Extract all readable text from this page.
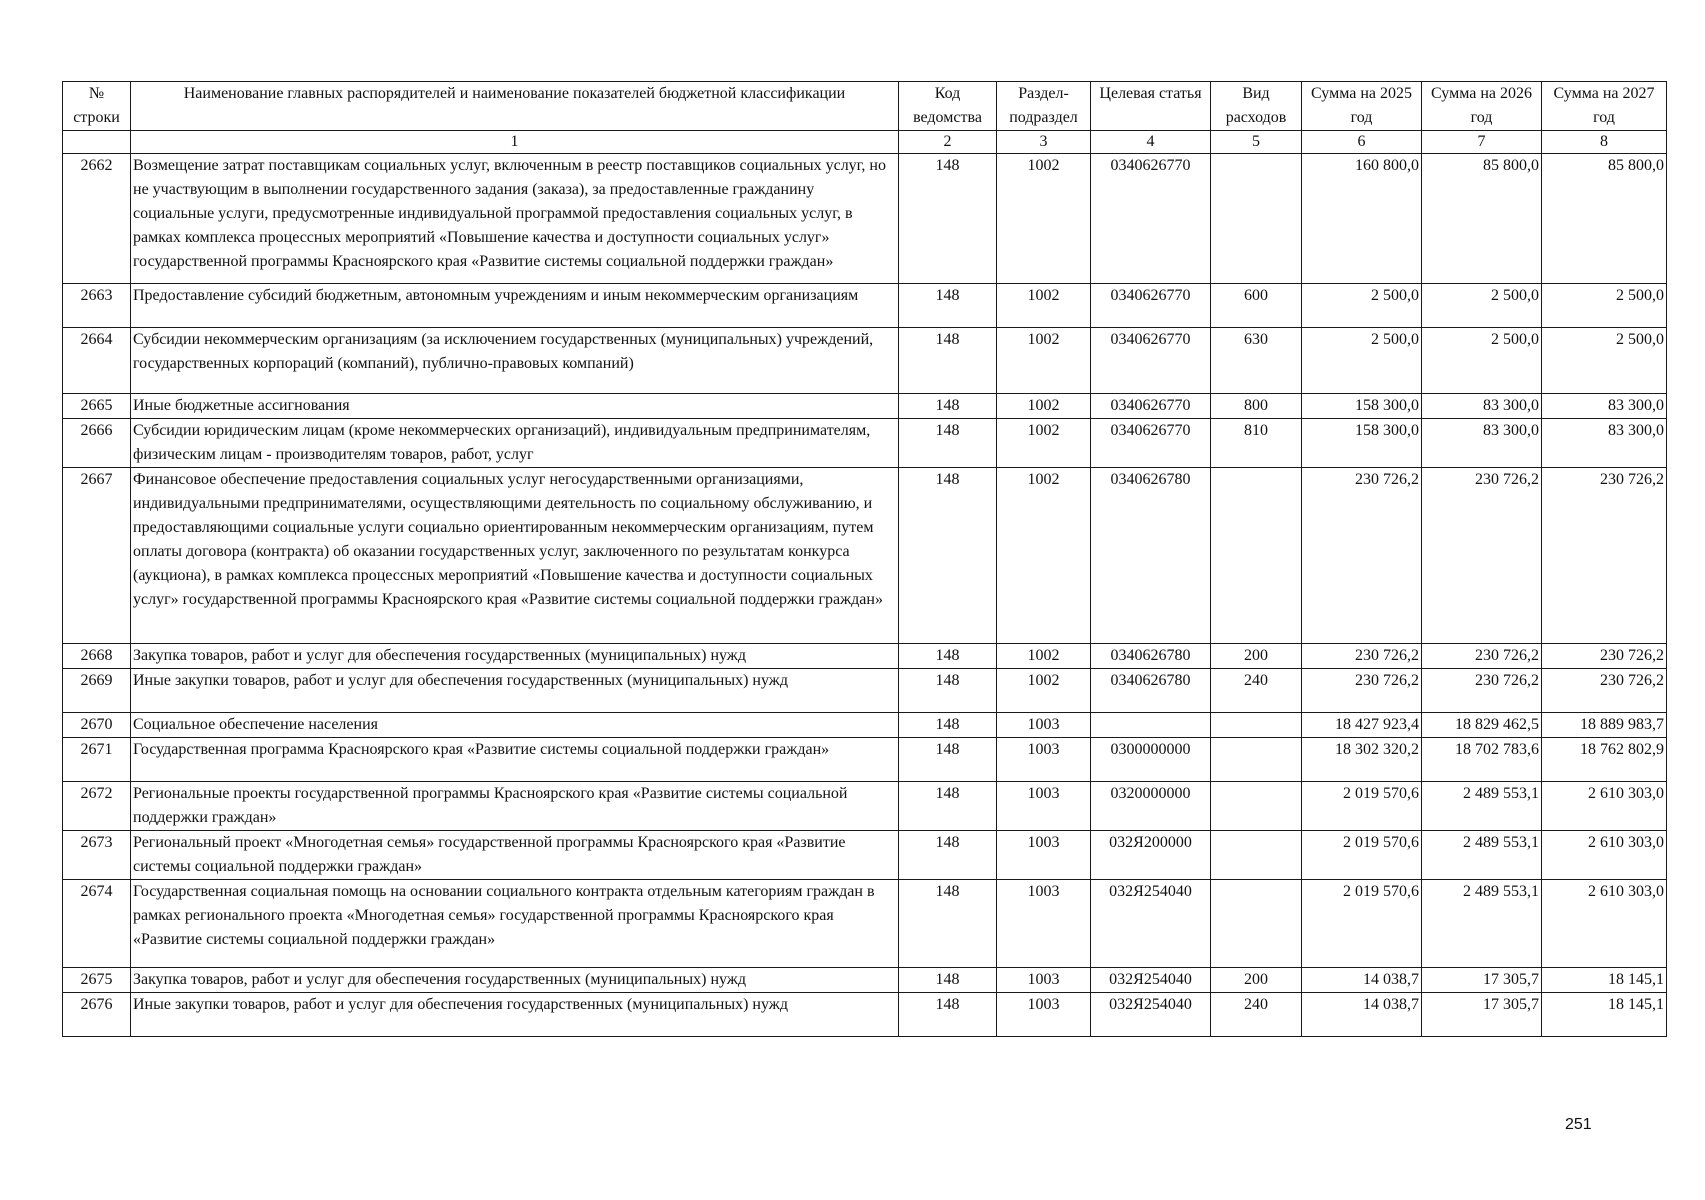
№ строки	Наименование главных распорядителей и наименование показателей бюджетной классификации	Код ведомства	Раздел-подраздел	Целевая статья	Вид расходов	Сумма на 2025 год	Сумма на 2026 год	Сумма на 2027 год
	1	2	3	4	5	6	7	8
2662	Возмещение затрат поставщикам социальных услуг, включенным в реестр поставщиков социальных услуг, но не участвующим в выполнении государственного задания (заказа), за предоставленные гражданину социальные услуги, предусмотренные индивидуальной программой предоставления социальных услуг, в рамках комплекса процессных мероприятий «Повышение качества и доступности социальных услуг» государственной программы Красноярского края «Развитие системы социальной поддержки граждан»	148	1002	0340626770		160 800,0	85 800,0	85 800,0
2663	Предоставление субсидий бюджетным, автономным учреждениям и иным некоммерческим организациям	148	1002	0340626770	600	2 500,0	2 500,0	2 500,0
2664	Субсидии некоммерческим организациям (за исключением государственных (муниципальных) учреждений, государственных корпораций (компаний), публично-правовых компаний)	148	1002	0340626770	630	2 500,0	2 500,0	2 500,0
2665	Иные бюджетные ассигнования	148	1002	0340626770	800	158 300,0	83 300,0	83 300,0
2666	Субсидии юридическим лицам (кроме некоммерческих организаций), индивидуальным предпринимателям, физическим лицам - производителям товаров, работ, услуг	148	1002	0340626770	810	158 300,0	83 300,0	83 300,0
2667	Финансовое обеспечение предоставления социальных услуг негосударственными организациями, индивидуальными предпринимателями, осуществляющими деятельность по социальному обслуживанию, и предоставляющими социальные услуги социально ориентированным некоммерческим организациям, путем оплаты договора (контракта) об оказании государственных услуг, заключенного по результатам конкурса (аукциона), в рамках комплекса процессных мероприятий «Повышение качества и доступности социальных услуг» государственной программы Красноярского края «Развитие системы социальной поддержки граждан»	148	1002	0340626780		230 726,2	230 726,2	230 726,2
2668	Закупка товаров, работ и услуг для обеспечения государственных (муниципальных) нужд	148	1002	0340626780	200	230 726,2	230 726,2	230 726,2
2669	Иные закупки товаров, работ и услуг для обеспечения государственных (муниципальных) нужд	148	1002	0340626780	240	230 726,2	230 726,2	230 726,2
2670	Социальное обеспечение населения	148	1003			18 427 923,4	18 829 462,5	18 889 983,7
2671	Государственная программа Красноярского края «Развитие системы социальной поддержки граждан»	148	1003	0300000000		18 302 320,2	18 702 783,6	18 762 802,9
2672	Региональные проекты государственной программы Красноярского края «Развитие системы социальной поддержки граждан»	148	1003	0320000000		2 019 570,6	2 489 553,1	2 610 303,0
2673	Региональный проект «Многодетная семья» государственной программы Красноярского края «Развитие системы социальной поддержки граждан»	148	1003	032Я200000		2 019 570,6	2 489 553,1	2 610 303,0
2674	Государственная социальная помощь на основании социального контракта отдельным категориям граждан в рамках регионального проекта «Многодетная семья» государственной программы Красноярского края «Развитие системы социальной поддержки граждан»	148	1003	032Я254040		2 019 570,6	2 489 553,1	2 610 303,0
2675	Закупка товаров, работ и услуг для обеспечения государственных (муниципальных) нужд	148	1003	032Я254040	200	14 038,7	17 305,7	18 145,1
2676	Иные закупки товаров, работ и услуг для обеспечения государственных (муниципальных) нужд	148	1003	032Я254040	240	14 038,7	17 305,7	18 145,1
251
